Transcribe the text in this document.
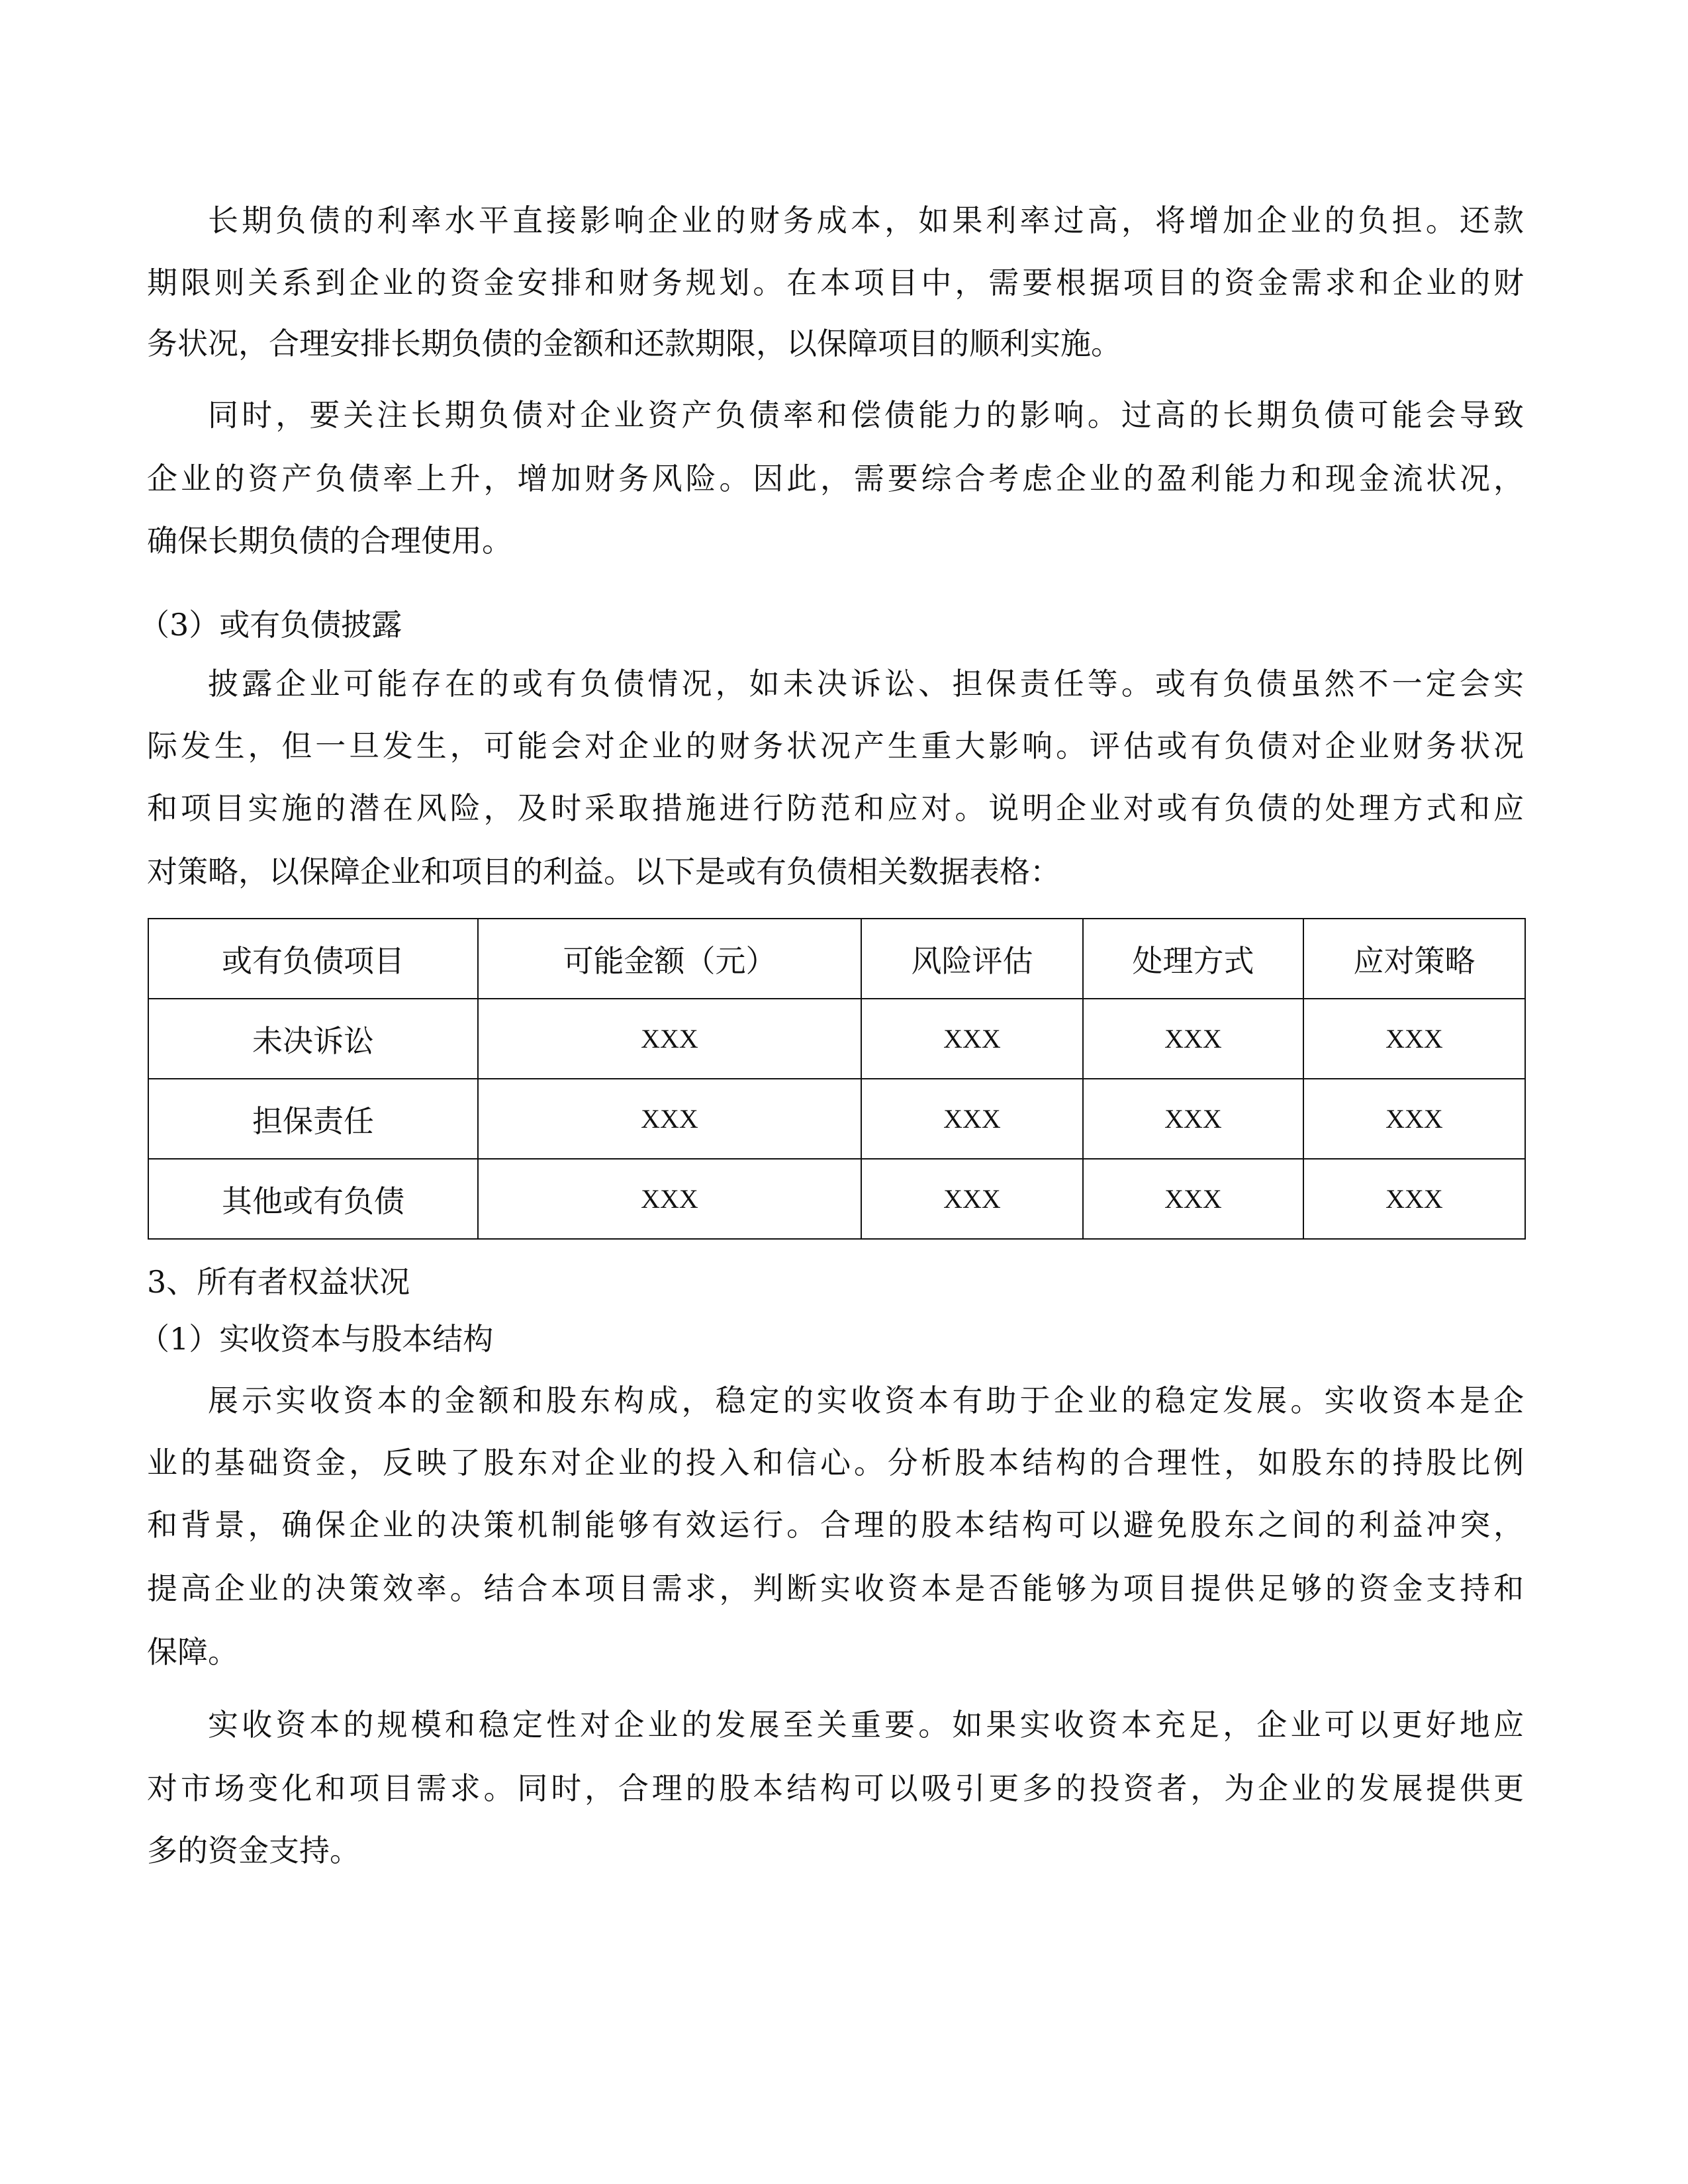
长期负债的利率水平直接影响企业的财务成本，如果利率过高，将增加企业的负担。还款
期限则关系到企业的资金安排和财务规划。在本项目中，需要根据项目的资金需求和企业的财
务状况，合理安排长期负债的金额和还款期限，以保障项目的顺利实施。
同时，要关注长期负债对企业资产负债率和偿债能力的影响。过高的长期负债可能会导致
企业的资产负债率上升，增加财务风险。因此，需要综合考虑企业的盈利能力和现金流状况，
确保长期负债的合理使用。
（3）或有负债披露
披露企业可能存在的或有负债情况，如未决诉讼、担保责任等。或有负债虽然不一定会实
际发生，但一旦发生，可能会对企业的财务状况产生重大影响。评估或有负债对企业财务状况
和项目实施的潜在风险，及时采取措施进行防范和应对。说明企业对或有负债的处理方式和应
对策略，以保障企业和项目的利益。以下是或有负债相关数据表格：
或有负债项目	可能金额（元）	风险评估	处理方式	应对策略
未决诉讼	XXX	XXX	XXX	XXX
担保责任	XXX	XXX	XXX	XXX
其他或有负债	XXX	XXX	XXX	XXX
3、所有者权益状况
（1）实收资本与股本结构
展示实收资本的金额和股东构成，稳定的实收资本有助于企业的稳定发展。实收资本是企
业的基础资金，反映了股东对企业的投入和信心。分析股本结构的合理性，如股东的持股比例
和背景，确保企业的决策机制能够有效运行。合理的股本结构可以避免股东之间的利益冲突，
提高企业的决策效率。结合本项目需求，判断实收资本是否能够为项目提供足够的资金支持和
保障。
实收资本的规模和稳定性对企业的发展至关重要。如果实收资本充足，企业可以更好地应
对市场变化和项目需求。同时，合理的股本结构可以吸引更多的投资者，为企业的发展提供更
多的资金支持。
